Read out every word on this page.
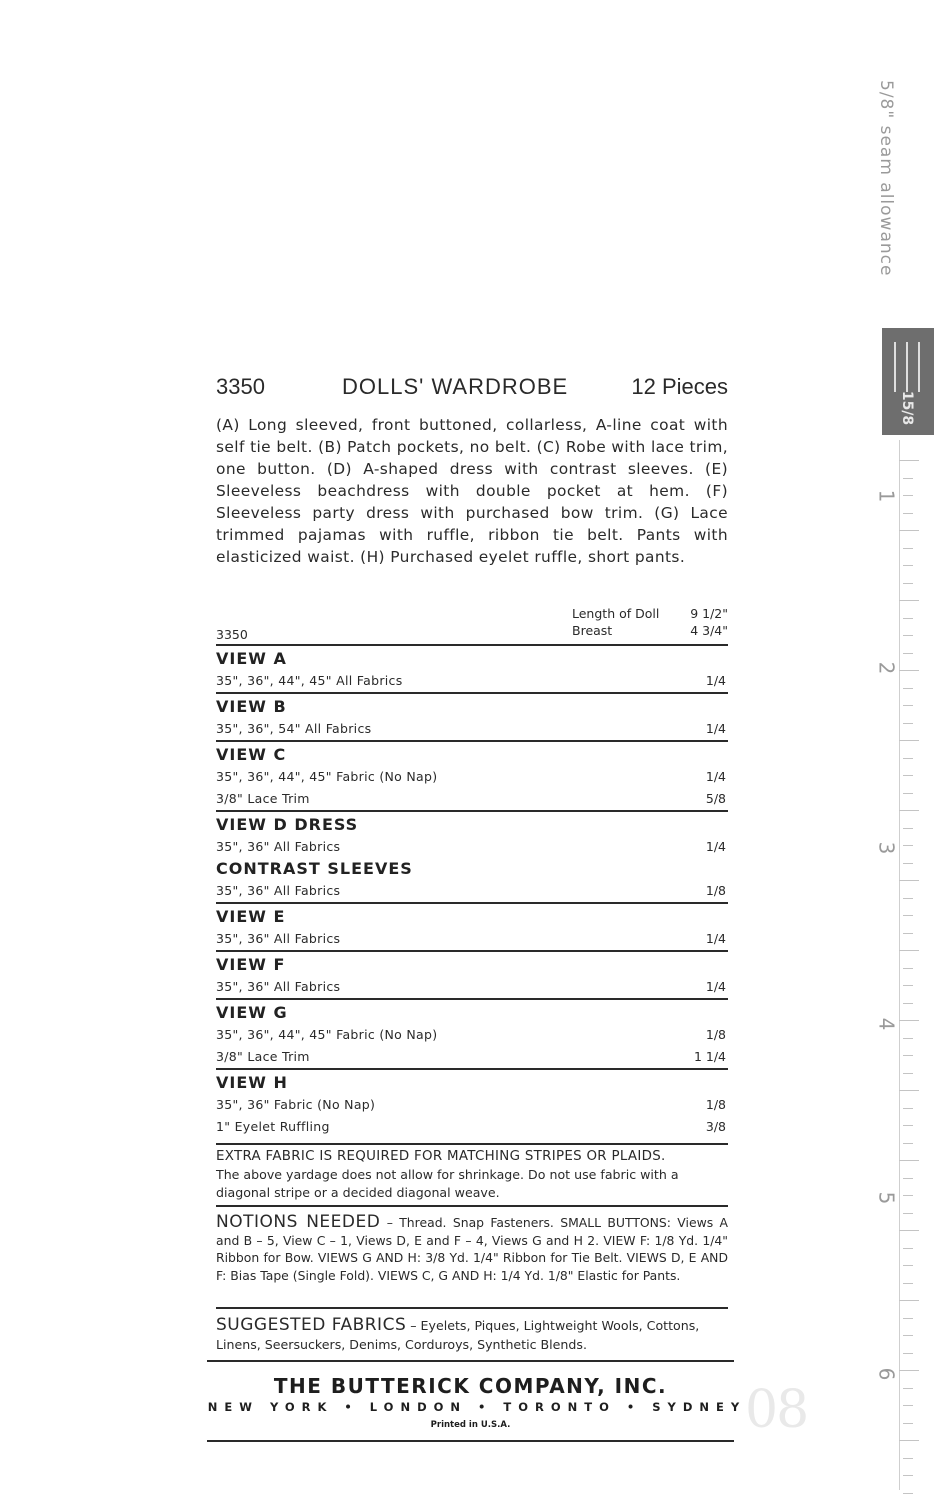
5/8" seam allowance
15/8
1
2
3
4
5
6
08
3350	DOLLS' WARDROBE	12 Pieces
(A) Long sleeved, front buttoned, collarless, A-line coat with self tie belt. (B) Patch pockets, no belt. (C) Robe with lace trim, one button. (D) A-shaped dress with contrast sleeves. (E) Sleeveless beachdress with double pocket at hem. (F) Sleeveless party dress with purchased bow trim. (G) Lace trimmed pajamas with ruffle, ribbon tie belt. Pants with elasticized waist. (H) Purchased eyelet ruffle, short pants.
3350
Length of Doll 9 1/2"
Breast	4 3/4"
VIEW A
35", 36", 44", 45" All Fabrics	1/4
VIEW B
35", 36", 54" All Fabrics	1/4
VIEW C
35", 36", 44", 45" Fabric (No Nap)	1/4
3/8" Lace Trim	5/8
VIEW D DRESS
35", 36" All Fabrics	1/4
CONTRAST SLEEVES
35", 36" All Fabrics	1/8
VIEW E
35", 36" All Fabrics	1/4
VIEW F
35", 36" All Fabrics	1/4
VIEW G
35", 36", 44", 45" Fabric (No Nap)	1/8
3/8" Lace Trim	1 1/4
VIEW H
35", 36" Fabric (No Nap)	1/8
1" Eyelet Ruffling	3/8
EXTRA FABRIC IS REQUIRED FOR MATCHING STRIPES OR PLAIDS.
The above yardage does not allow for shrinkage. Do not use fabric with a diagonal stripe or a decided diagonal weave.
NOTIONS NEEDED – Thread. Snap Fasteners. SMALL BUTTONS: Views A and B – 5, View C – 1, Views D, E and F – 4, Views G and H 2. VIEW F: 1/8 Yd. 1/4" Ribbon for Bow. VIEWS G AND H: 3/8 Yd. 1/4" Ribbon for Tie Belt. VIEWS D, E AND F: Bias Tape (Single Fold). VIEWS C, G AND H: 1/4 Yd. 1/8" Elastic for Pants.
SUGGESTED FABRICS – Eyelets, Piques, Lightweight Wools, Cottons, Linens, Seersuckers, Denims, Corduroys, Synthetic Blends.
THE BUTTERICK COMPANY, INC.
NEW YORK • LONDON • TORONTO • SYDNEY
Printed in U.S.A.
